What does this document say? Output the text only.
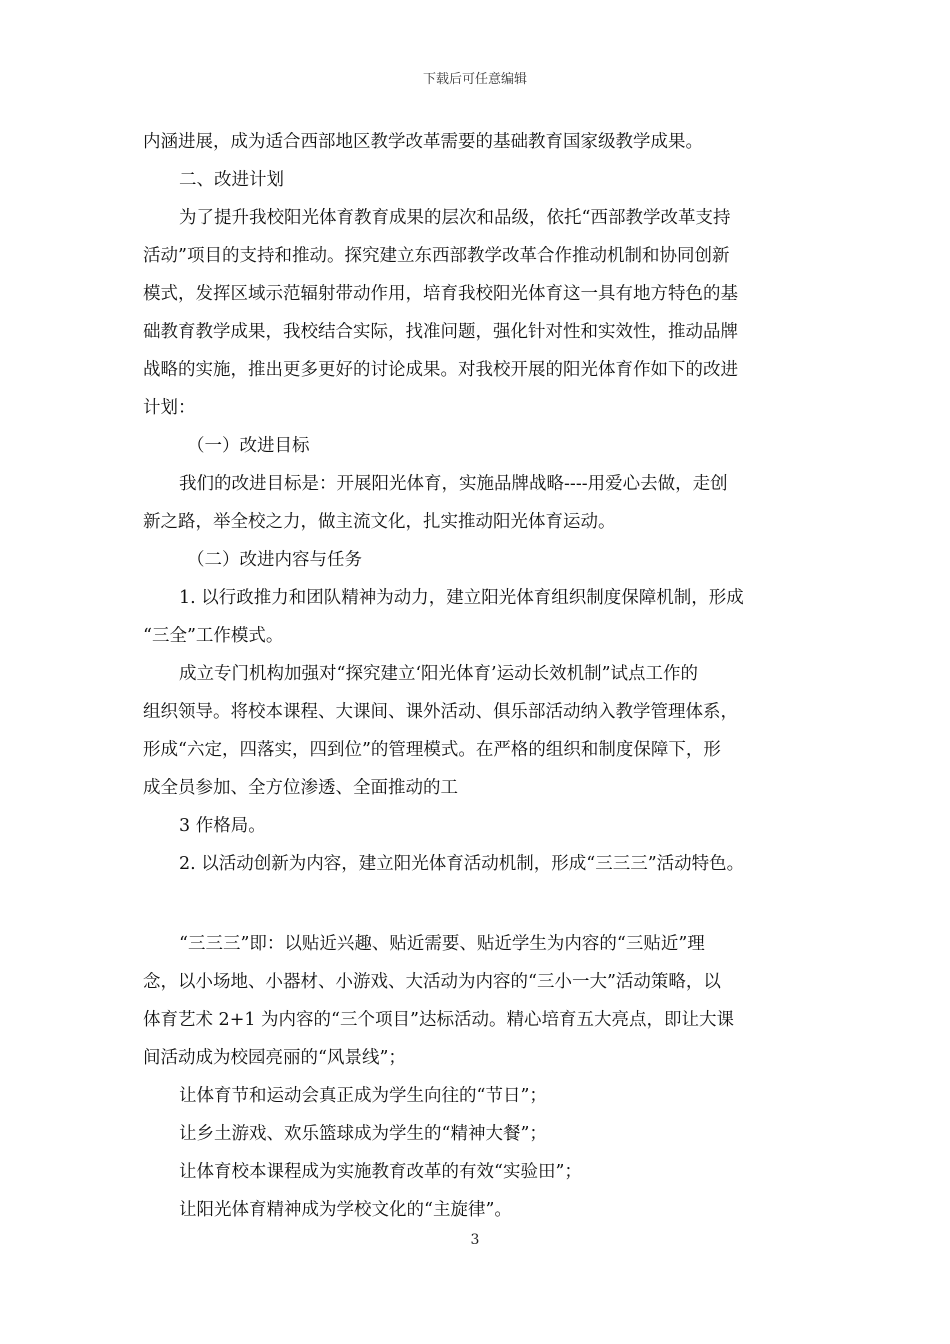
下载后可任意编辑
内涵进展，成为适合西部地区教学改革需要的基础教育国家级教学成果。
二、改进计划
为了提升我校阳光体育教育成果的层次和品级，依托“西部教学改革支持
活动”项目的支持和推动。探究建立东西部教学改革合作推动机制和协同创新
模式，发挥区域示范辐射带动作用，培育我校阳光体育这一具有地方特色的基
础教育教学成果，我校结合实际，找准问题，强化针对性和实效性，推动品牌
战略的实施，推出更多更好的讨论成果。对我校开展的阳光体育作如下的改进
计划：
（一）改进目标
我们的改进目标是：开展阳光体育，实施品牌战略----用爱心去做，走创
新之路，举全校之力，做主流文化，扎实推动阳光体育运动。
（二）改进内容与任务
1. 以行政推力和团队精神为动力，建立阳光体育组织制度保障机制，形成
“三全”工作模式。
成立专门机构加强对“探究建立‘阳光体育’运动长效机制”试点工作的
组织领导。将校本课程、大课间、课外活动、俱乐部活动纳入教学管理体系，
形成“六定，四落实，四到位”的管理模式。在严格的组织和制度保障下，形
成全员参加、全方位渗透、全面推动的工
3 作格局。
2. 以活动创新为内容，建立阳光体育活动机制，形成“三三三”活动特色。
“三三三”即：以贴近兴趣、贴近需要、贴近学生为内容的“三贴近”理
念，以小场地、小器材、小游戏、大活动为内容的“三小一大”活动策略，以
体育艺术 2+1 为内容的“三个项目”达标活动。精心培育五大亮点，即让大课
间活动成为校园亮丽的“风景线”；
让体育节和运动会真正成为学生向往的“节日”；
让乡土游戏、欢乐篮球成为学生的“精神大餐”；
让体育校本课程成为实施教育改革的有效“实验田”；
让阳光体育精神成为学校文化的“主旋律”。
3
